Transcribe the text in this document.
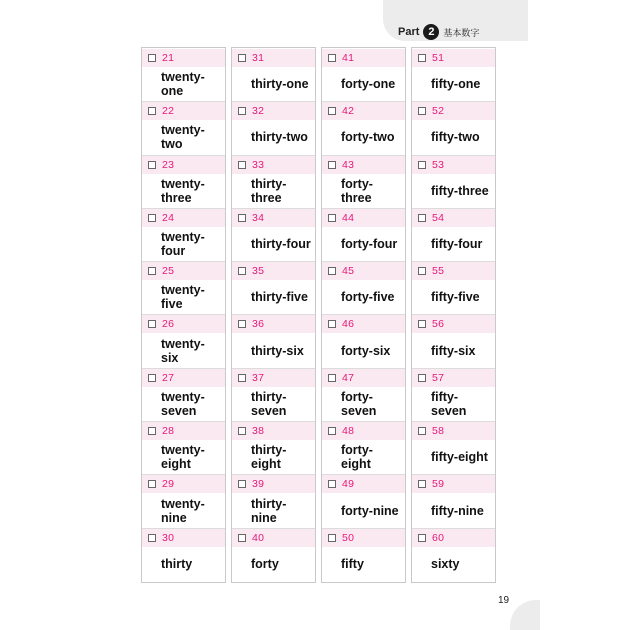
Part 2 基本数字
21
twenty-
one
22
twenty-
two
23
twenty-
three
24
twenty-
four
25
twenty-
five
26
twenty-
six
27
twenty-
seven
28
twenty-
eight
29
twenty-
nine
30
thirty
31
thirty-one
32
thirty-two
33
thirty-
three
34
thirty-four
35
thirty-five
36
thirty-six
37
thirty-
seven
38
thirty-
eight
39
thirty-
nine
40
forty
41
forty-one
42
forty-two
43
forty-
three
44
forty-four
45
forty-five
46
forty-six
47
forty-
seven
48
forty-
eight
49
forty-nine
50
fifty
51
fifty-one
52
fifty-two
53
fifty-three
54
fifty-four
55
fifty-five
56
fifty-six
57
fifty-
seven
58
fifty-eight
59
fifty-nine
60
sixty
19
